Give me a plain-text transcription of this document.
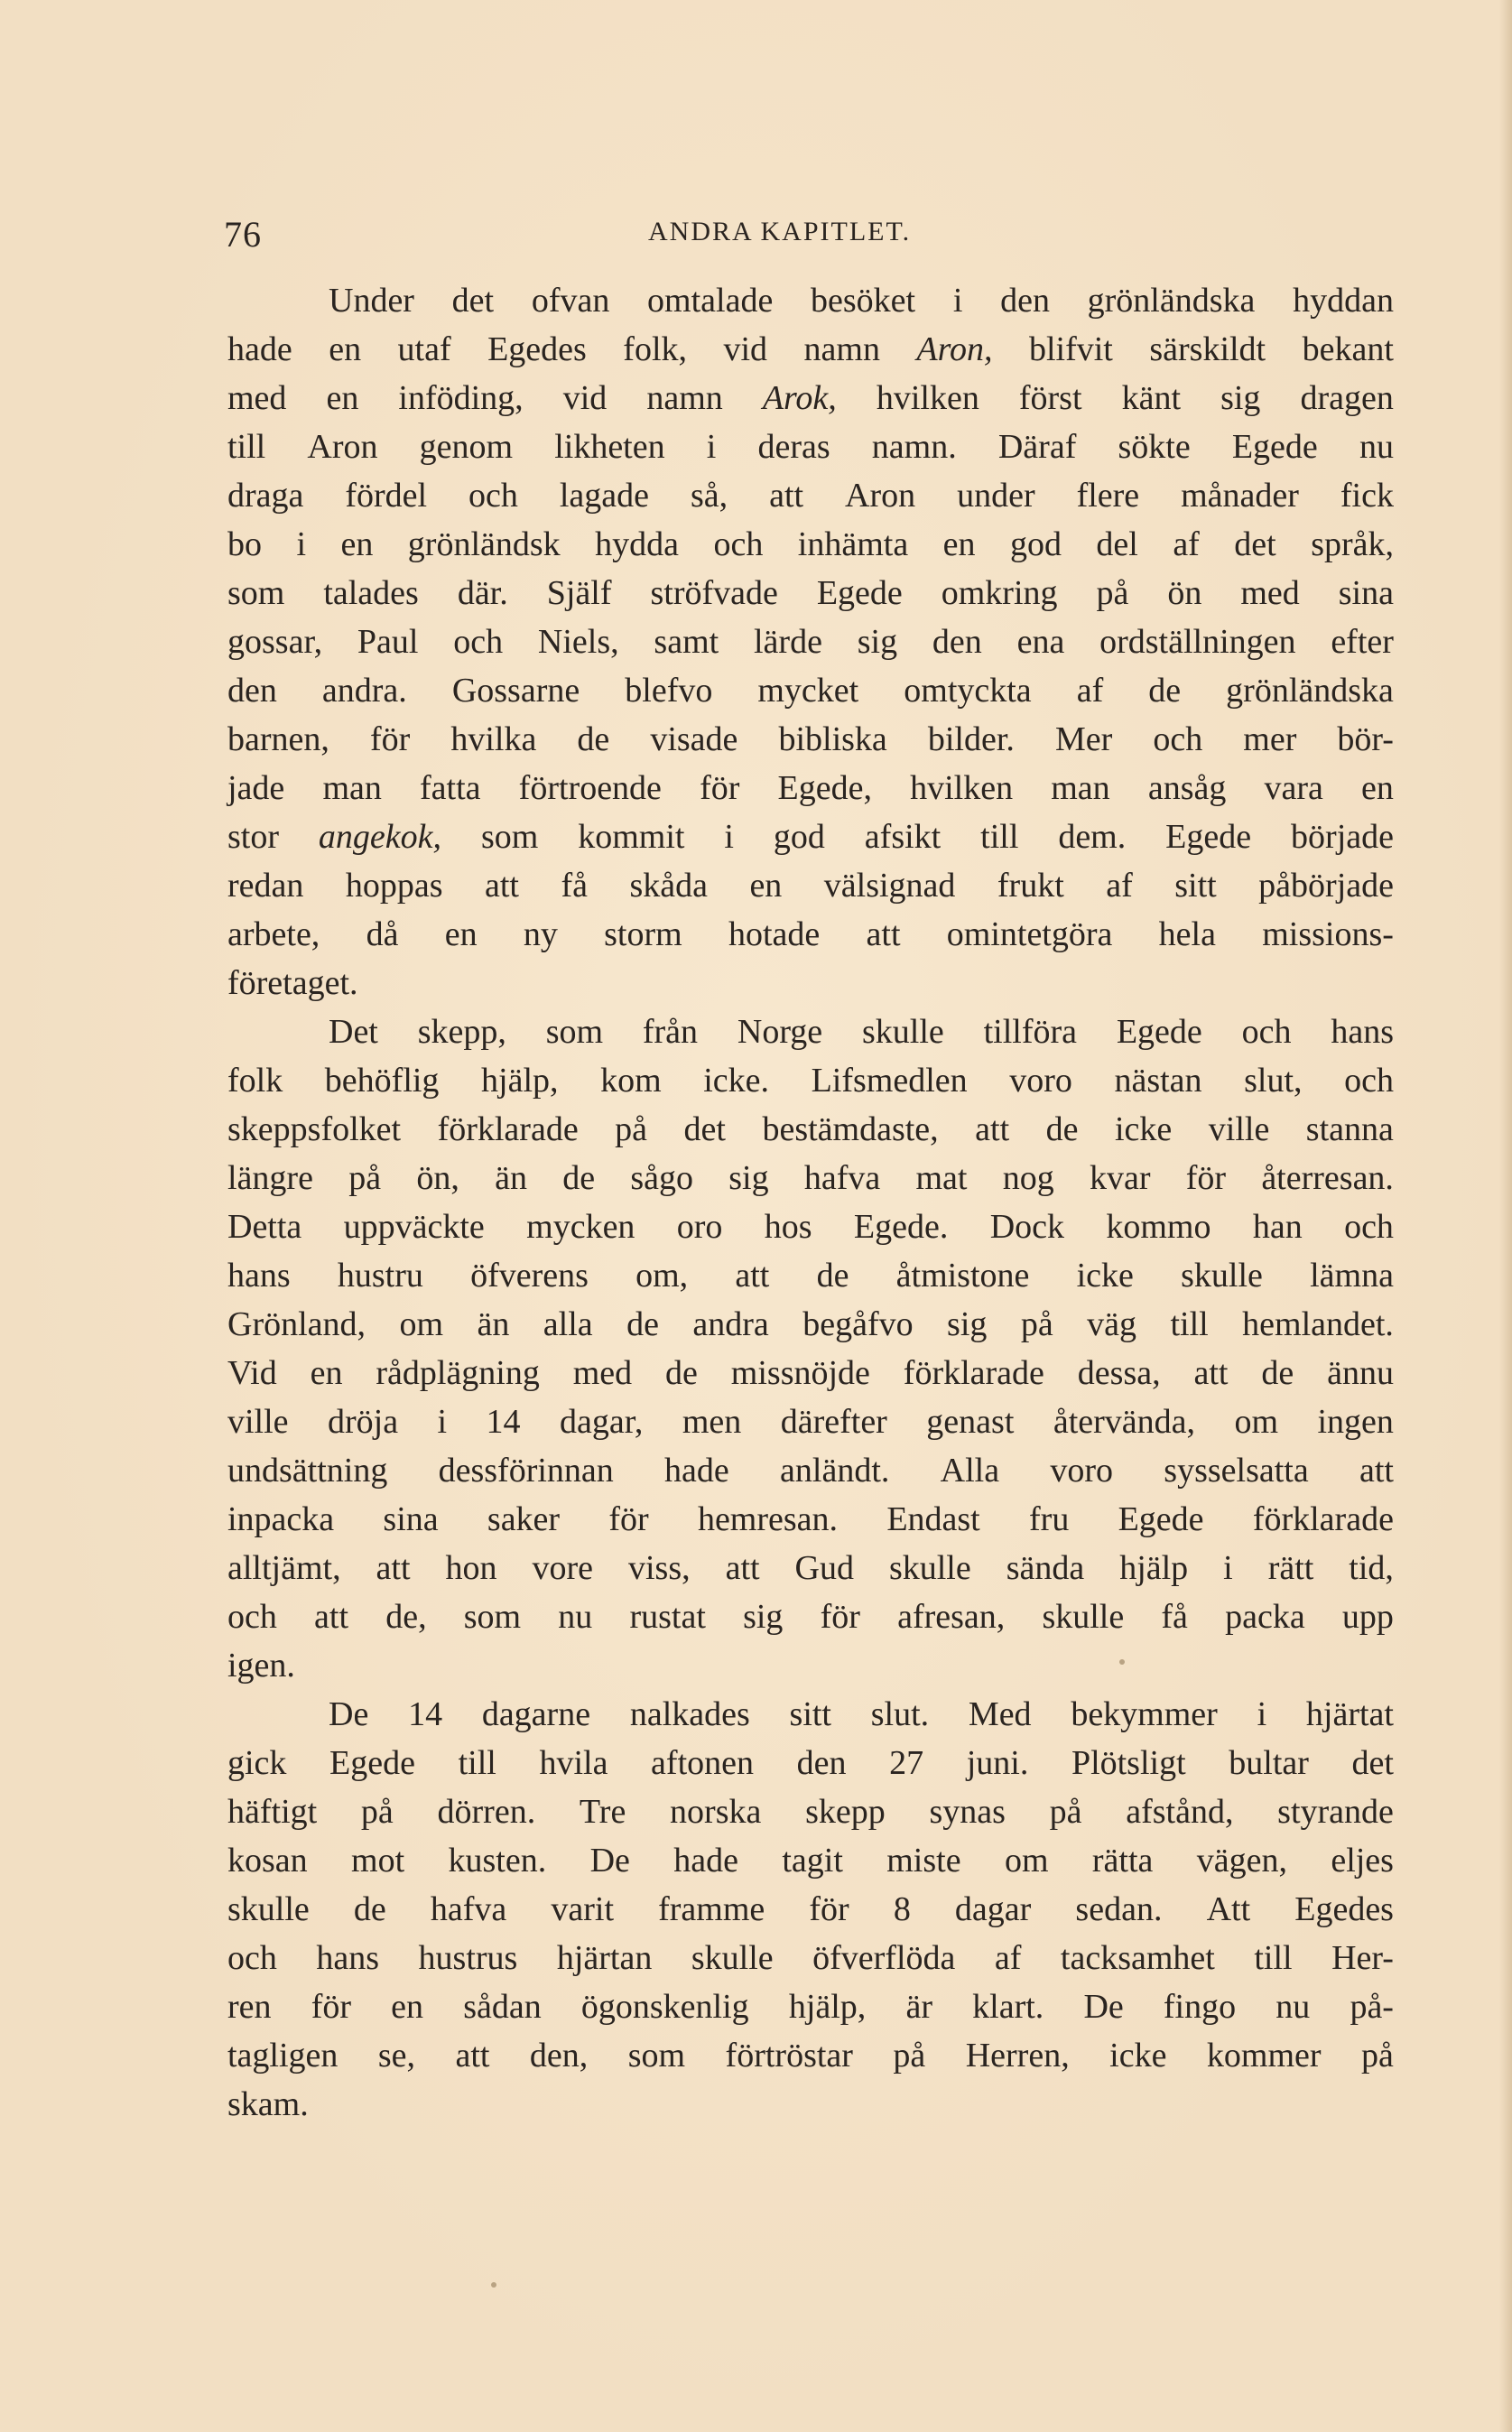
76	ANDRA KAPITLET.
Under det ofvan omtalade besöket i den grönländska hyddan
hade en utaf Egedes folk, vid namn Aron, blifvit särskildt bekant
med en inföding, vid namn Arok, hvilken först känt sig dragen
till Aron genom likheten i deras namn. Däraf sökte Egede nu
draga fördel och lagade så, att Aron under flere månader fick
bo i en grönländsk hydda och inhämta en god del af det språk,
som talades där. Själf ströfvade Egede omkring på ön med sina
gossar, Paul och Niels, samt lärde sig den ena ordställningen efter
den andra. Gossarne blefvo mycket omtyckta af de grönländska
barnen, för hvilka de visade bibliska bilder. Mer och mer bör-
jade man fatta förtroende för Egede, hvilken man ansåg vara en
stor angekok, som kommit i god afsikt till dem. Egede började
redan hoppas att få skåda en välsignad frukt af sitt påbörjade
arbete, då en ny storm hotade att omintetgöra hela missions-
företaget.
Det skepp, som från Norge skulle tillföra Egede och hans
folk behöflig hjälp, kom icke. Lifsmedlen voro nästan slut, och
skeppsfolket förklarade på det bestämdaste, att de icke ville stanna
längre på ön, än de sågo sig hafva mat nog kvar för återresan.
Detta uppväckte mycken oro hos Egede. Dock kommo han och
hans hustru öfverens om, att de åtmistone icke skulle lämna
Grönland, om än alla de andra begåfvo sig på väg till hemlandet.
Vid en rådplägning med de missnöjde förklarade dessa, att de ännu
ville dröja i 14 dagar, men därefter genast återvända, om ingen
undsättning dessförinnan hade anländt. Alla voro sysselsatta att
inpacka sina saker för hemresan. Endast fru Egede förklarade
alltjämt, att hon vore viss, att Gud skulle sända hjälp i rätt tid,
och att de, som nu rustat sig för afresan, skulle få packa upp
igen.
De 14 dagarne nalkades sitt slut. Med bekymmer i hjärtat
gick Egede till hvila aftonen den 27 juni. Plötsligt bultar det
häftigt på dörren. Tre norska skepp synas på afstånd, styrande
kosan mot kusten. De hade tagit miste om rätta vägen, eljes
skulle de hafva varit framme för 8 dagar sedan. Att Egedes
och hans hustrus hjärtan skulle öfverflöda af tacksamhet till Her-
ren för en sådan ögonskenlig hjälp, är klart. De fingo nu på-
tagligen se, att den, som förtröstar på Herren, icke kommer på
skam.
